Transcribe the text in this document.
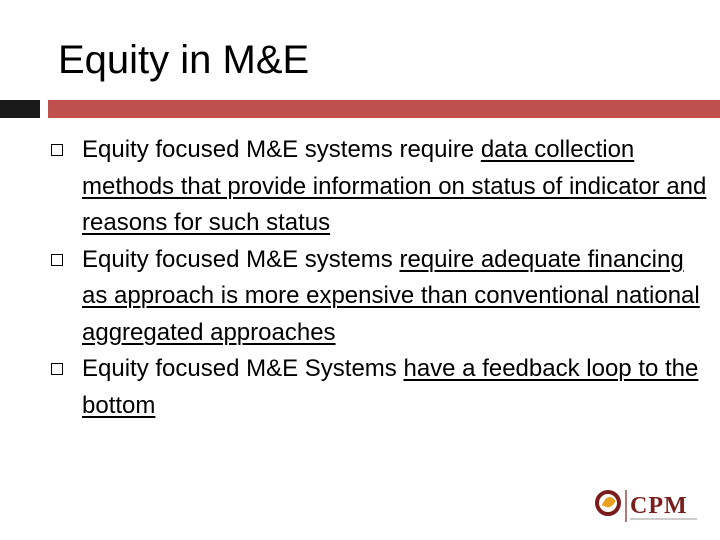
Equity in M&E
Equity focused M&E systems require data collection methods that provide information on status of indicator and reasons for such status
Equity focused M&E systems require adequate financing as approach is more expensive than conventional national aggregated approaches
Equity focused M&E Systems have a feedback loop to the bottom
CPM
